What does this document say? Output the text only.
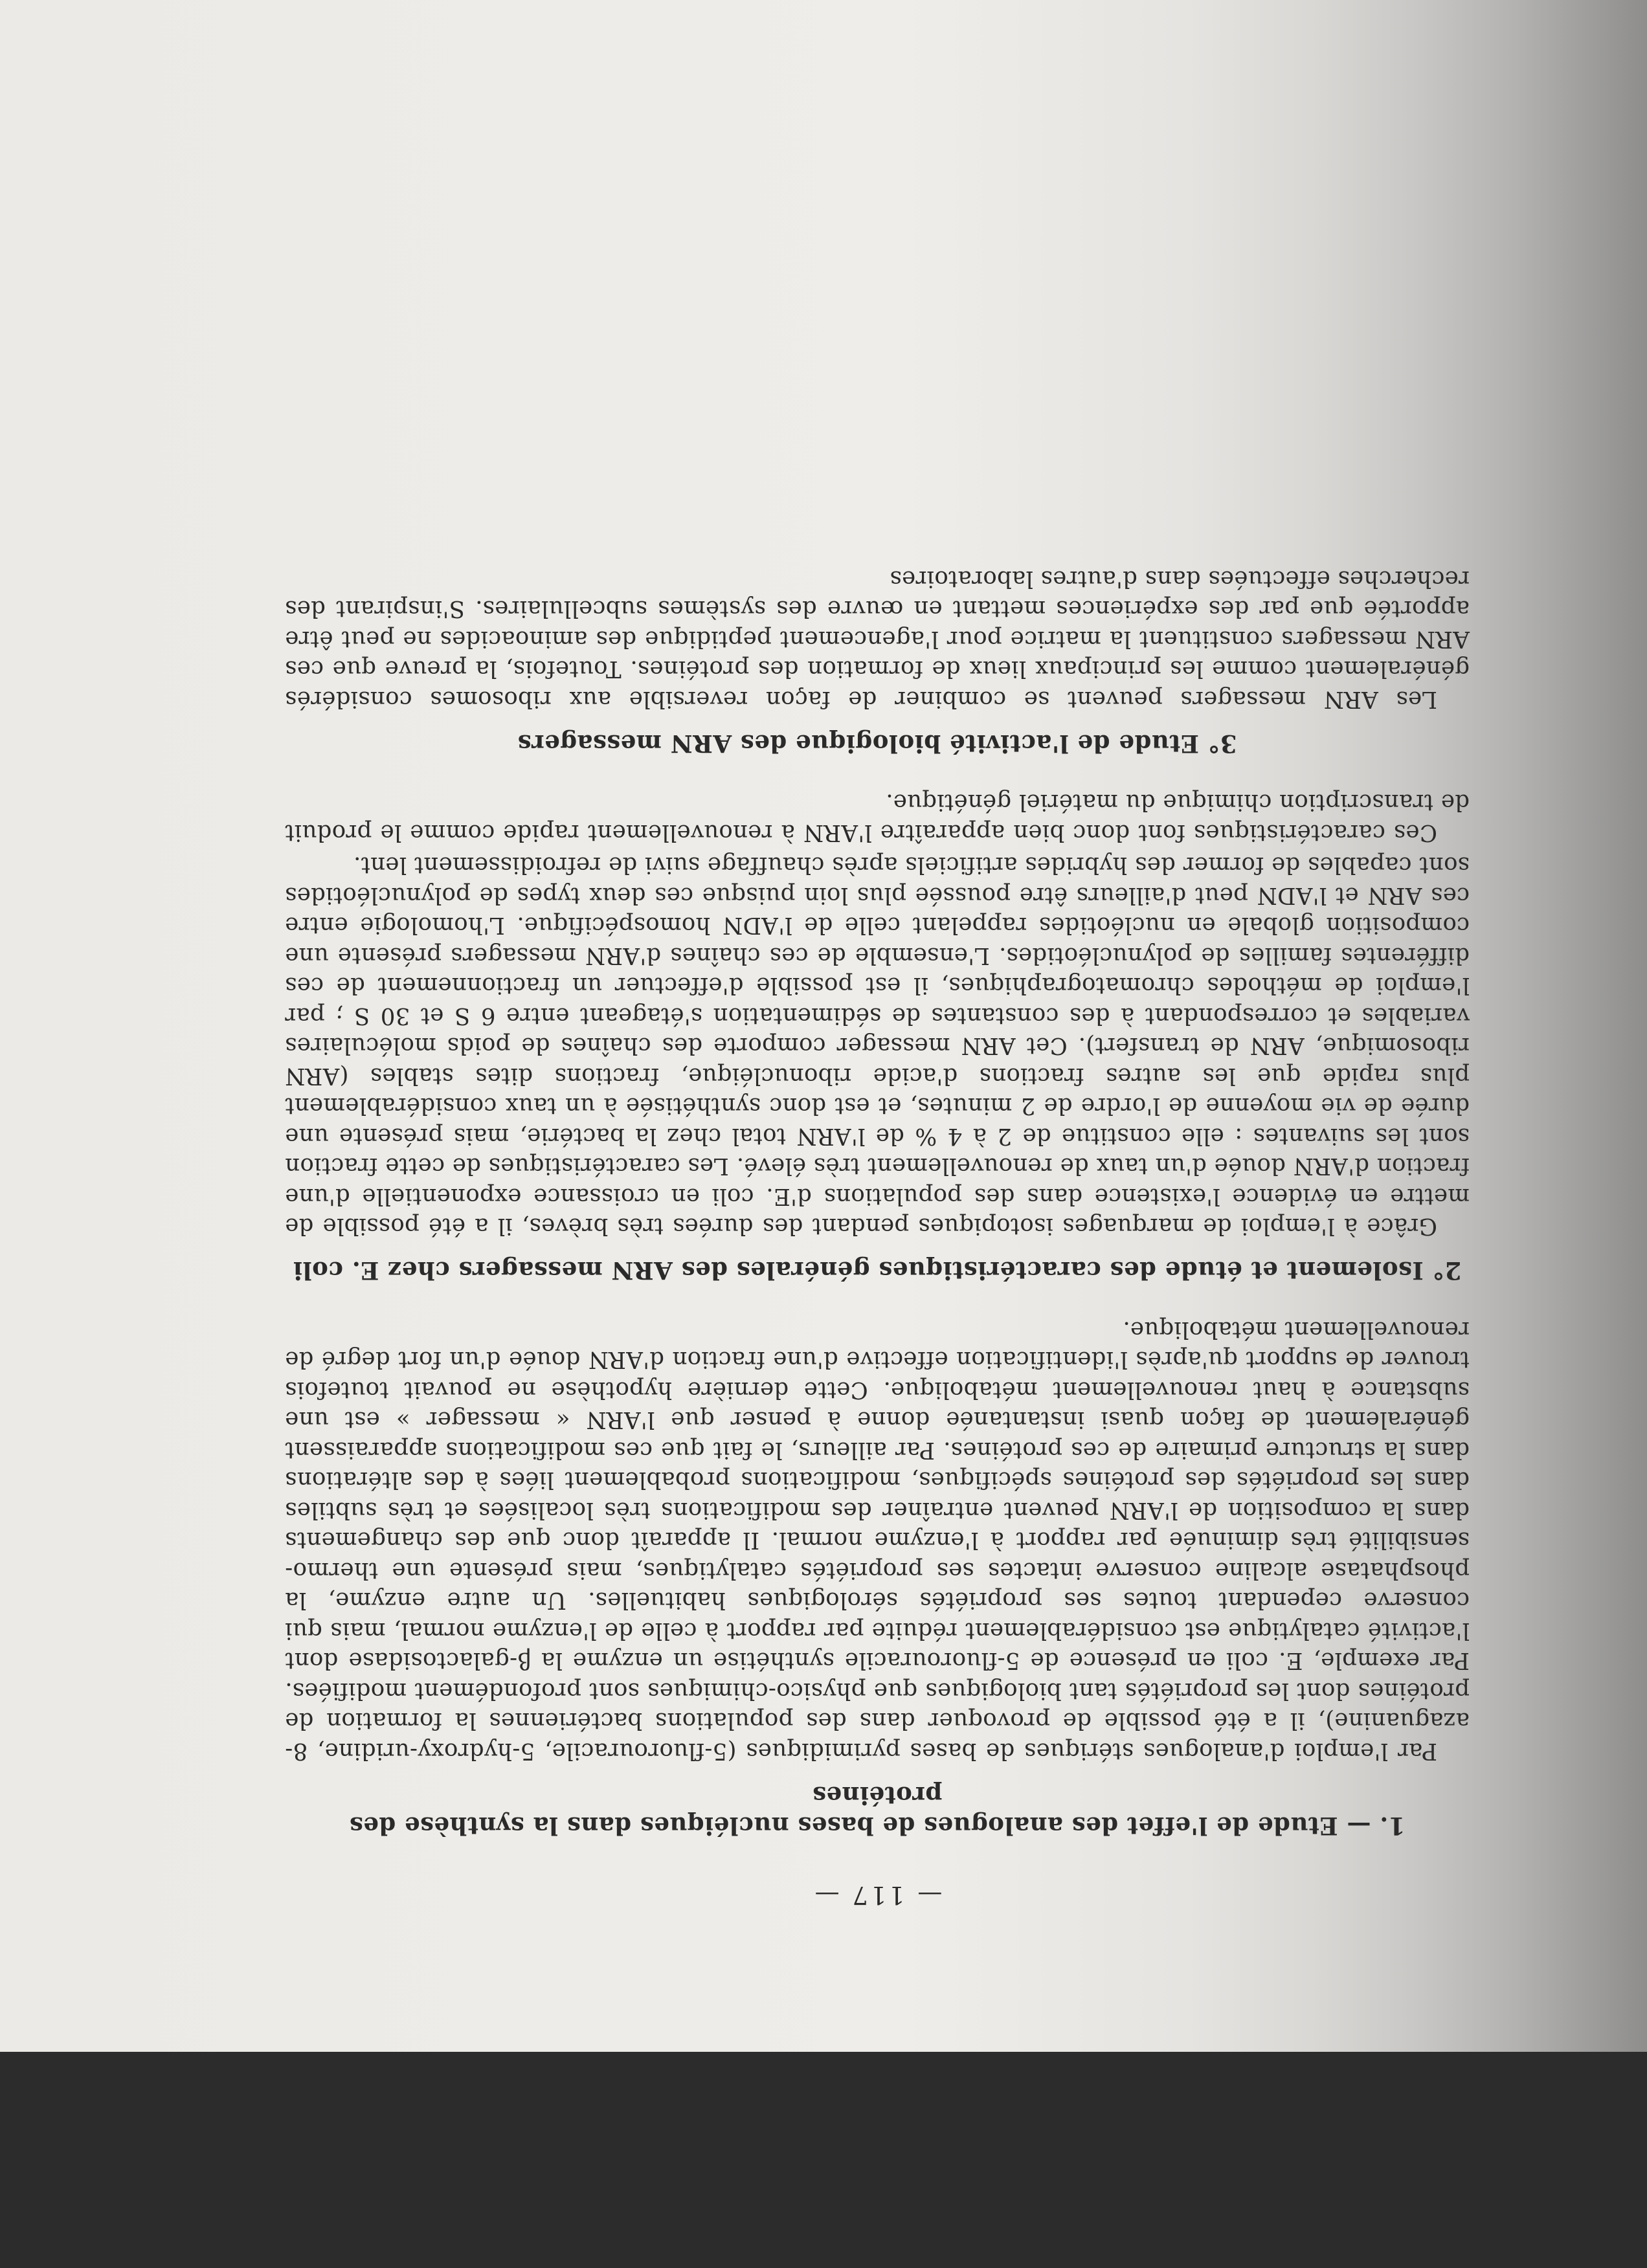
— 117 —
1. — Etude de l'effet des analogues de bases nucléiques dans la synthèse des protéines

Par l'emploi d'analogues stériques de bases pyrimidiques (5-fluorouracile, 5-hydroxy-uridine, 8-azaguanine), il a été possible de provoquer dans des populations bactériennes la formation de protéines dont les propriétés tant biologiques que physico-chimiques sont profondément modifiées. Par exemple, E. coli en présence de 5-fluorouracile synthétise un enzyme la β-galactosidase dont l'activité catalytique est considérablement réduite par rapport à celle de l'enzyme normal, mais qui conserve cependant toutes ses propriétés sérologiques habituelles. Un autre enzyme, la phosphatase alcaline conserve intactes ses propriétés catalytiques, mais présente une thermo-sensibilité très diminuée par rapport à l'enzyme normal. Il apparaît donc que des changements dans la composition de l'ARN peuvent entraîner des modifications très localisées et très subtiles dans les propriétés des protéines spécifiques, modifications probablement liées à des altérations dans la structure primaire de ces protéines. Par ailleurs, le fait que ces modifications apparaissent généralement de façon quasi instantanée donne à penser que l'ARN « messager » est une substance à haut renouvellement métabolique. Cette dernière hypothèse ne pouvait toutefois trouver de support qu'après l'identification effective d'une fraction d'ARN douée d'un fort degré de renouvellement métabolique.

2° Isolement et étude des caractéristiques générales des ARN messagers chez E. coli

Grâce à l'emploi de marquages isotopiques pendant des durées très brèves, il a été possible de mettre en évidence l'existence dans des populations d'E. coli en croissance exponentielle d'une fraction d'ARN douée d'un taux de renouvellement très élevé. Les caractéristiques de cette fraction sont les suivantes : elle constitue de 2 à 4 % de l'ARN total chez la bactérie, mais présente une durée de vie moyenne de l'ordre de 2 minutes, et est donc synthétisée à un taux considérablement plus rapide que les autres fractions d'acide ribonucléique, fractions dites stables (ARN ribosomique, ARN de transfert). Cet ARN messager comporte des chaînes de poids moléculaires variables et correspondant à des constantes de sédimentation s'étageant entre 6 S et 30 S ; par l'emploi de méthodes chromatographiques, il est possible d'effectuer un fractionnement de ces différentes familles de polynucléotides. L'ensemble de ces chaînes d'ARN messagers présente une composition globale en nucléotides rappelant celle de l'ADN homospécifique. L'homologie entre ces ARN et l'ADN peut d'ailleurs être poussée plus loin puisque ces deux types de polynucléotides sont capables de former des hybrides artificiels après chauffage suivi de refroidissement lent.

Ces caractéristiques font donc bien apparaître l'ARN à renouvellement rapide comme le produit de transcription chimique du matériel génétique.

3° Etude de l'activité biologique des ARN messagers

Les ARN messagers peuvent se combiner de façon reversible aux ribosomes considérés généralement comme les principaux lieux de formation des protéines. Toutefois, la preuve que ces ARN messagers constituent la matrice pour l'agencement peptidique des aminoacides ne peut être apportée que par des expériences mettant en œuvre des systèmes subcellulaires. S'inspirant des recherches effectuées dans d'autres laboratoires
